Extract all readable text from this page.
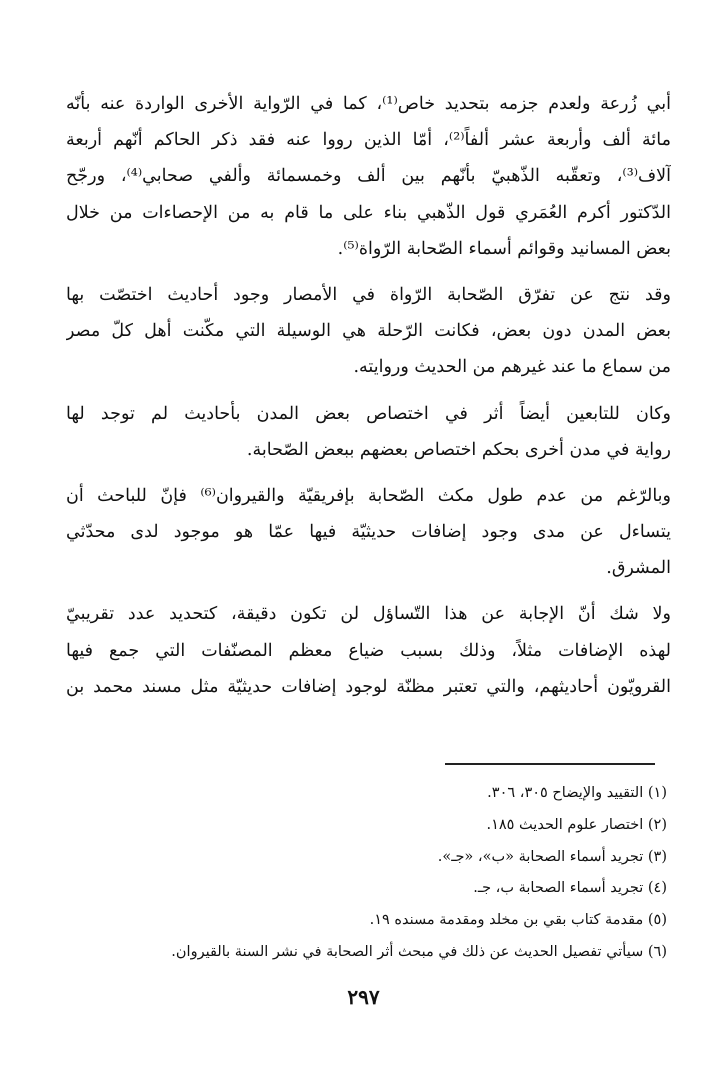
أبي زُرعة ولعدم جزمه بتحديد خاص⁽¹⁾، كما في الرّواية الأخرى الواردة عنه بأنّه
مائة ألف وأربعة عشر ألفاً⁽²⁾، أمّا الذين رووا عنه فقد ذكر الحاكم أنّهم أربعة
آلاف⁽³⁾، وتعقّبه الذّهبيّ بأنّهم بين ألف وخمسمائة وألفي صحابي⁽⁴⁾، ورجّح
الدّكتور أكرم العُمَري قول الذّهبي بناء على ما قام به من الإحصاءات من خلال
بعض المسانيد وقوائم أسماء الصّحابة الرّواة⁽⁵⁾.
وقد نتج عن تفرّق الصّحابة الرّواة في الأمصار وجود أحاديث اختصّت بها
بعض المدن دون بعض، فكانت الرّحلة هي الوسيلة التي مكّنت أهل كلّ مصر
من سماع ما عند غيرهم من الحديث وروايته.
وكان للتابعين أيضاً أثر في اختصاص بعض المدن بأحاديث لم توجد لها
رواية في مدن أخرى بحكم اختصاص بعضهم ببعض الصّحابة.
وبالرّغم من عدم طول مكث الصّحابة بإفريقيّة والقيروان⁽⁶⁾ فإنّ للباحث أن
يتساءل عن مدى وجود إضافات حديثيّة فيها عمّا هو موجود لدى محدّثي
المشرق.
ولا شك أنّ الإجابة عن هذا التّساؤل لن تكون دقيقة، كتحديد عدد تقريبيّ
لهذه الإضافات مثلاً، وذلك بسبب ضياع معظم المصنّفات التي جمع فيها
القرويّون أحاديثهم، والتي تعتبر مظنّة لوجود إضافات حديثيّة مثل مسند محمد بن
(١) التقييد والإيضاح ٣٠٥، ٣٠٦.
(٢) اختصار علوم الحديث ١٨٥.
(٣) تجريد أسماء الصحابة «ب»، «جـ».
(٤) تجريد أسماء الصحابة ب، جـ.
(٥) مقدمة كتاب بقي بن مخلد ومقدمة مسنده ١٩.
(٦) سيأتي تفصيل الحديث عن ذلك في مبحث أثر الصحابة في نشر السنة بالقيروان.
٢٩٧
